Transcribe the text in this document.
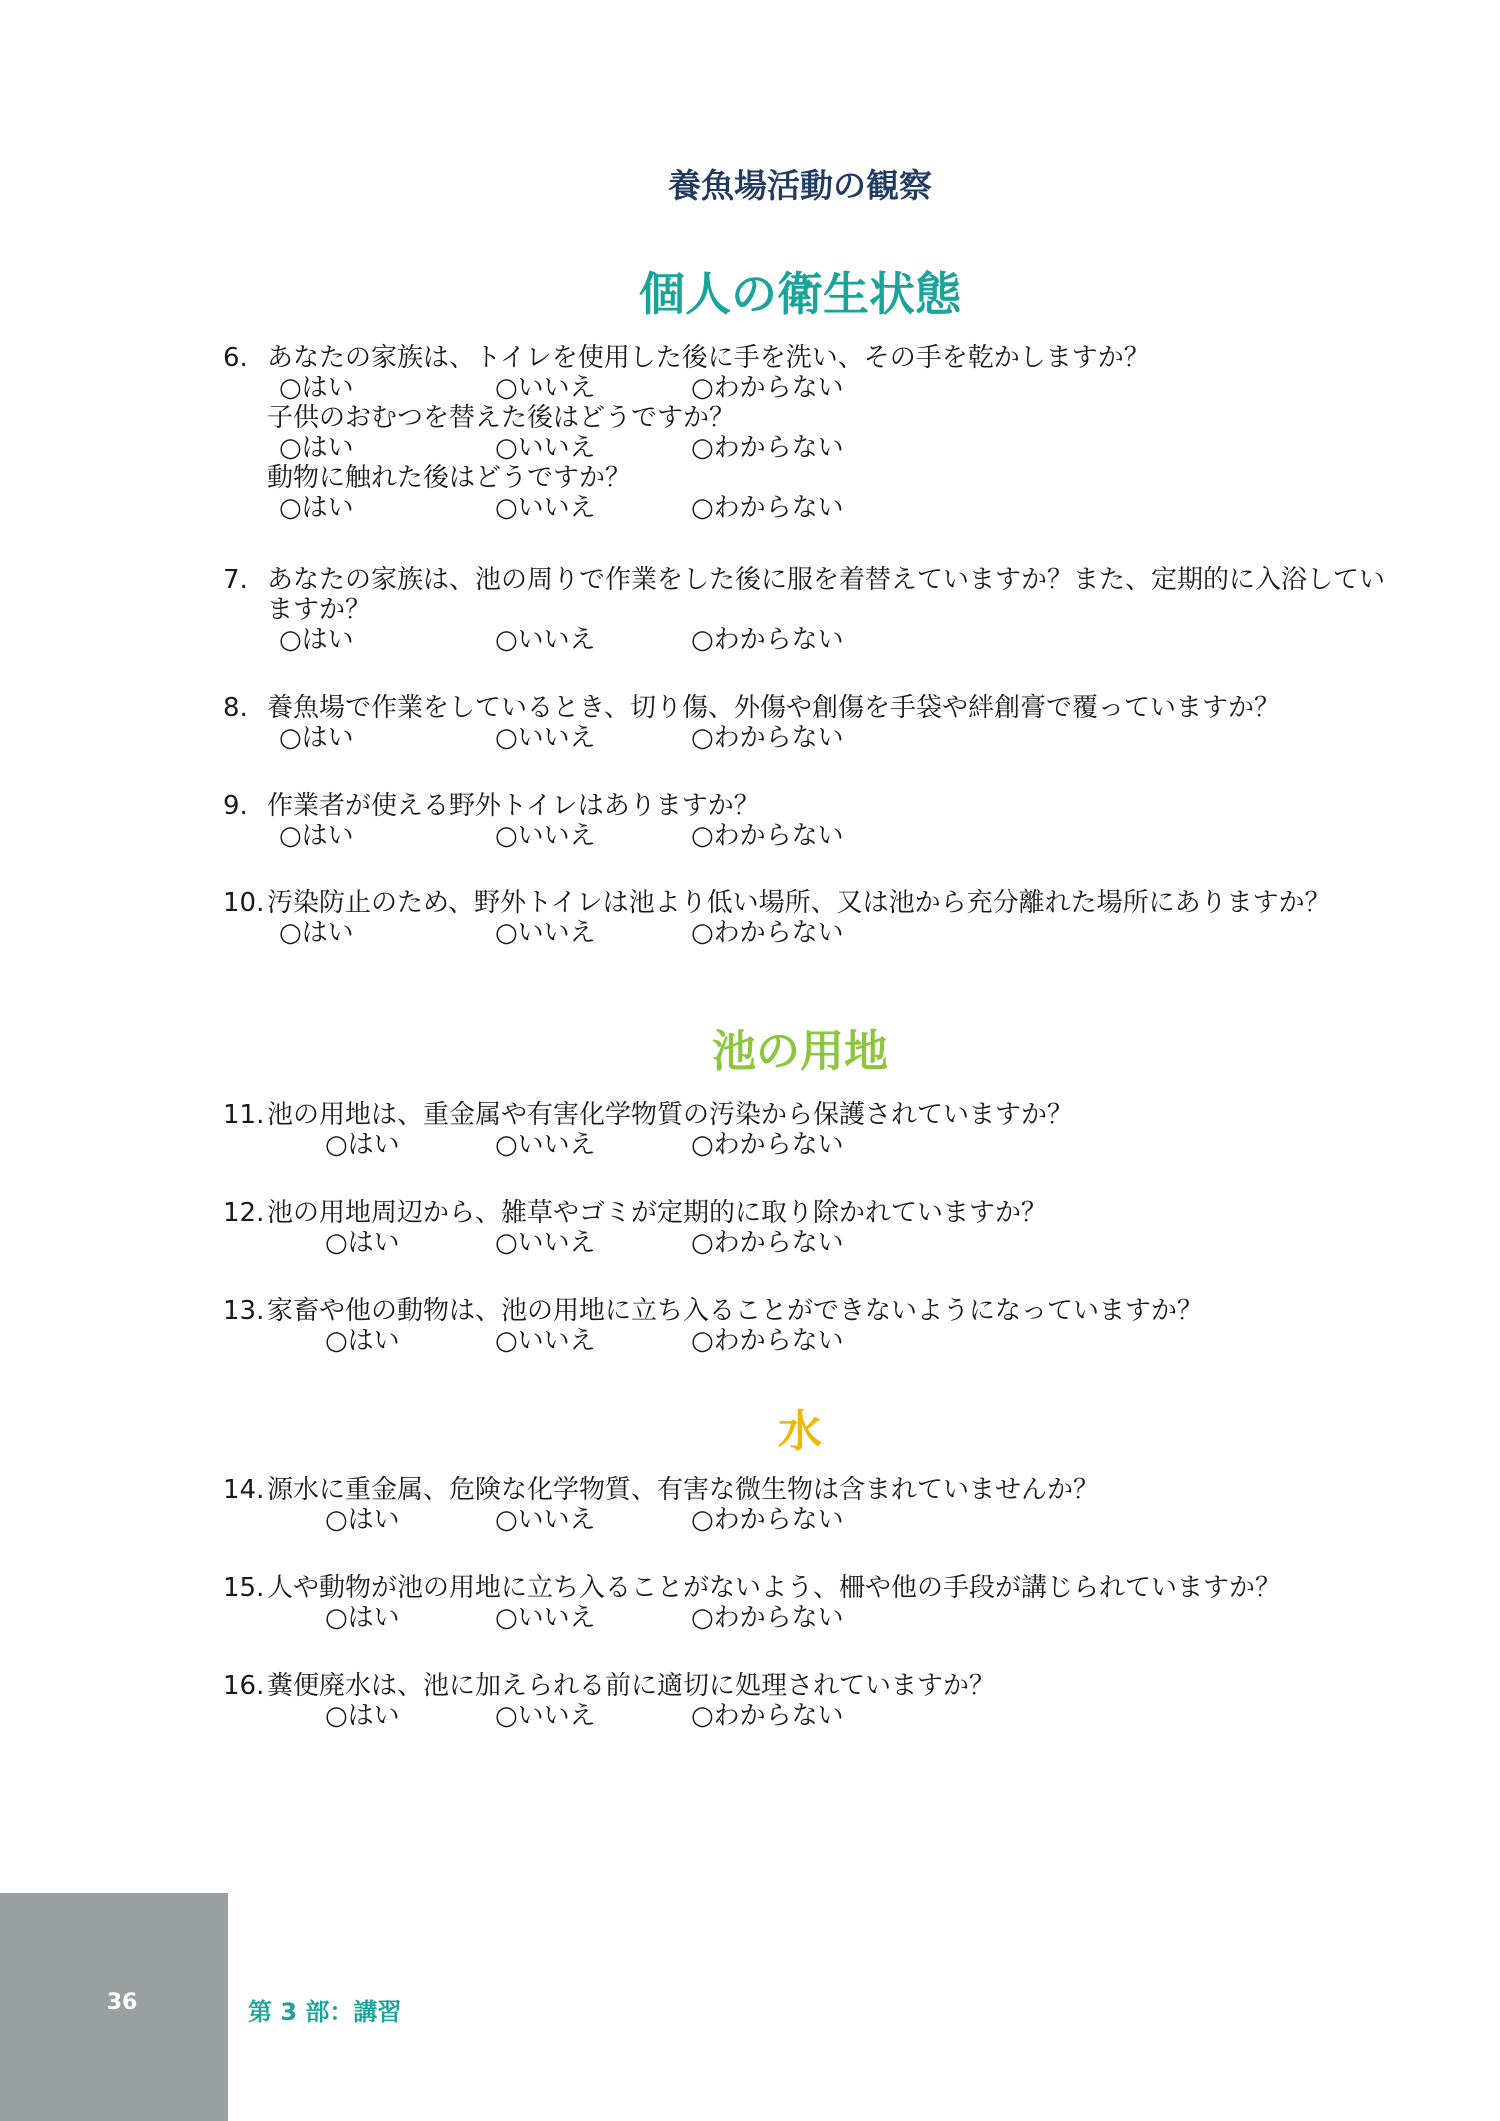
養魚場活動の観察
個人の衛生状態
6. あなたの家族は、トイレを使用した後に手を洗い、その手を乾かしますか？
○はい	○いいえ	○わからない
子供のおむつを替えた後はどうですか？
○はい	○いいえ	○わからない
動物に触れた後はどうですか？
○はい	○いいえ	○わからない
7. あなたの家族は、池の周りで作業をした後に服を着替えていますか？また、定期的に入浴していますか？
○はい	○いいえ	○わからない
8. 養魚場で作業をしているとき、切り傷、外傷や創傷を手袋や絆創膏で覆っていますか？
○はい	○いいえ	○わからない
9. 作業者が使える野外トイレはありますか？
○はい	○いいえ	○わからない
10. 汚染防止のため、野外トイレは池より低い場所、又は池から充分離れた場所にありますか？
○はい	○いいえ	○わからない
池の用地
11. 池の用地は、重金属や有害化学物質の汚染から保護されていますか？
○はい	○いいえ	○わからない
12. 池の用地周辺から、雑草やゴミが定期的に取り除かれていますか？
○はい	○いいえ	○わからない
13. 家畜や他の動物は、池の用地に立ち入ることができないようになっていますか？
○はい	○いいえ	○わからない
水
14. 源水に重金属、危険な化学物質、有害な微生物は含まれていませんか？
○はい	○いいえ	○わからない
15. 人や動物が池の用地に立ち入ることがないよう、柵や他の手段が講じられていますか？
○はい	○いいえ	○わからない
16. 糞便廃水は、池に加えられる前に適切に処理されていますか？
○はい	○いいえ	○わからない
36	第 3 部：講習
